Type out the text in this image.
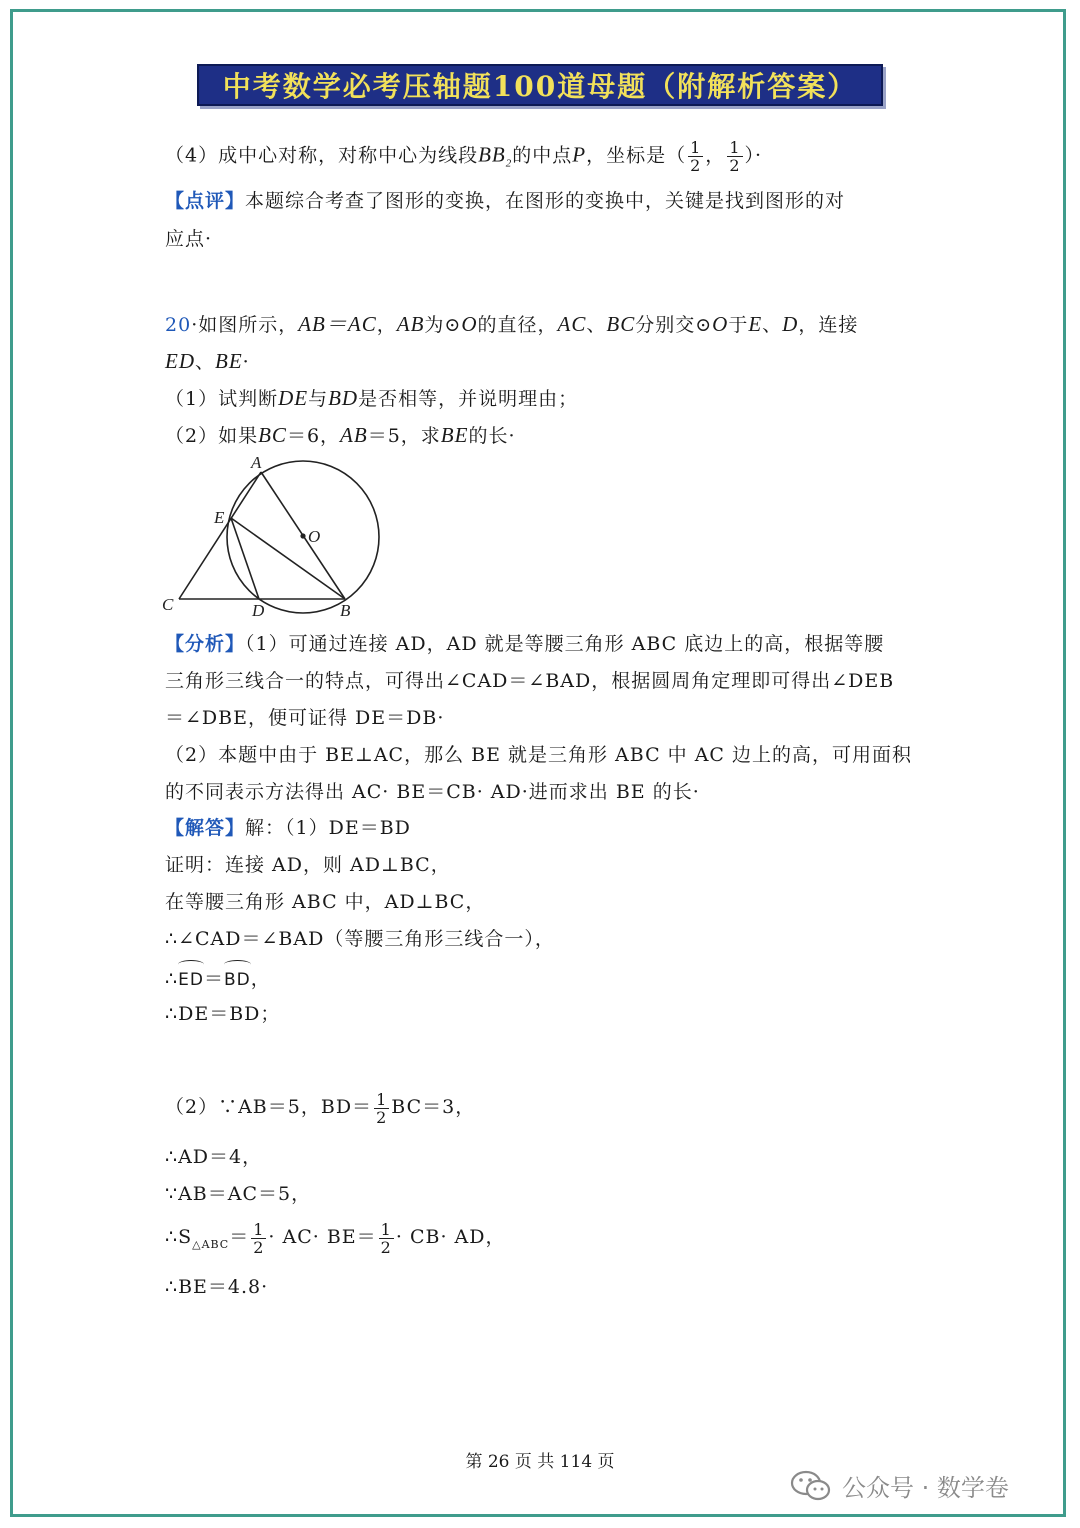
中考数学必考压轴题100道母题（附解析答案）
（4）成中心对称，对称中心为线段$BB_2$的中点P，坐标是（ $\frac{1}{2}$ ， $\frac{1}{2}$ ）·
【点评】本题综合考查了图形的变换，在图形的变换中，关键是找到图形的对
应点·
20·如图所示，AB＝AC，AB为⊙O的直径，AC、BC分别交⊙O于E、D，连接
ED、BE·
（1）试判断DE与BD是否相等，并说明理由；
（2）如果BC＝6，AB＝5，求BE的长·
A
E
O
C	D	B
【分析】（1）可通过连接 AD，AD 就是等腰三角形 ABC 底边上的高，根据等腰
三角形三线合一的特点，可得出∠CAD＝∠BAD，根据圆周角定理即可得出∠DEB
＝∠DBE，便可证得 DE＝DB·
（2）本题中由于 BE⊥AC，那么 BE 就是三角形 ABC 中 AC 边上的高，可用面积
的不同表示方法得出 AC· BE＝CB· AD·进而求出 BE 的长·
【解答】解：（1）DE＝BD
证明：连接 AD，则 AD⊥BC，
在等腰三角形 ABC 中，AD⊥BC，
∴∠CAD＝∠BAD（等腰三角形三线合一），
∴ED＝BD，
∴DE＝BD；
（2）∵AB＝5，$BD= \frac{1}{2} BC=3$，
∴AD＝4，
∵AB＝AC＝5，
$\therefore S_{\triangle ABC}= \frac{1}{2} \cdot AC\cdot BE= \frac{1}{2} \cdot CB\cdot$ AD，
∴BE＝4.8·
第 26 页 共 114 页
公众号 · 数学卷
